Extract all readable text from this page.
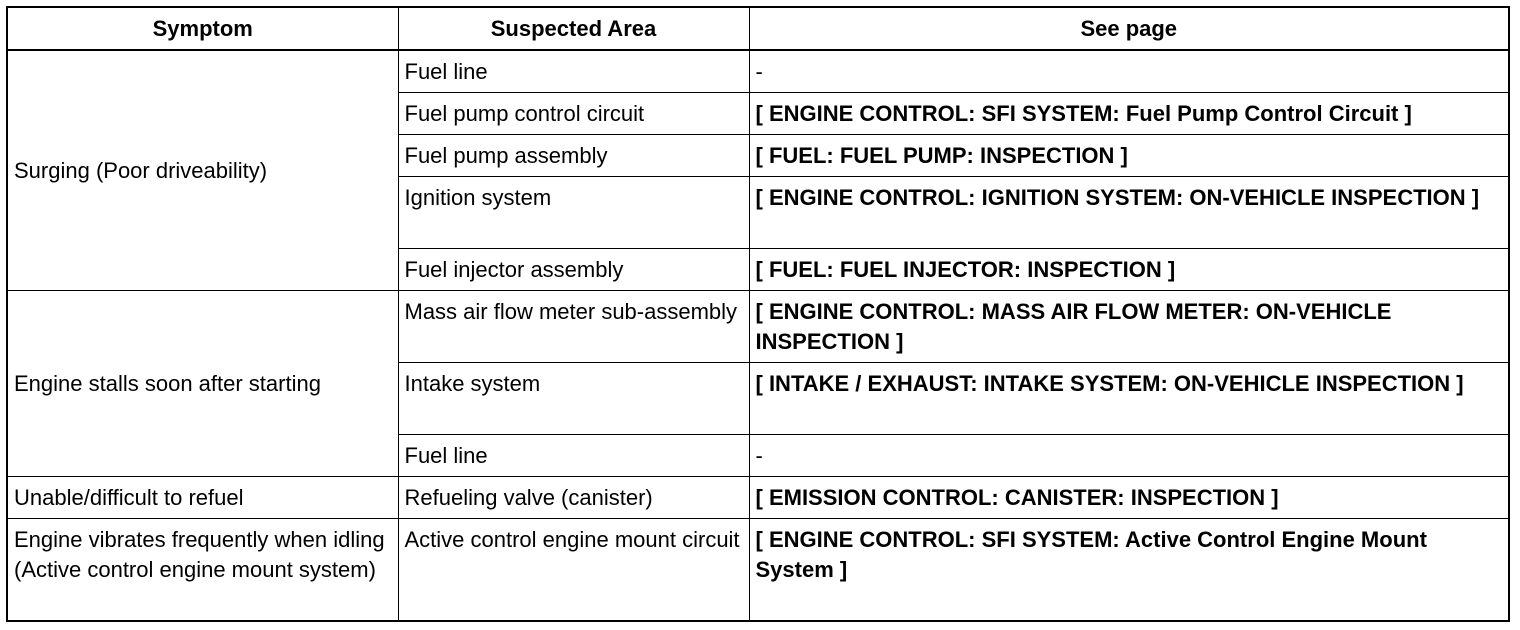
Symptom	Suspected Area	See page
Surging (Poor driveability)	Fuel line	-
	Fuel pump control circuit	[ ENGINE CONTROL: SFI SYSTEM: Fuel Pump Control Circuit ]
	Fuel pump assembly	[ FUEL: FUEL PUMP: INSPECTION ]
	Ignition system	[ ENGINE CONTROL: IGNITION SYSTEM: ON-VEHICLE INSPECTION ]
	Fuel injector assembly	[ FUEL: FUEL INJECTOR: INSPECTION ]
Engine stalls soon after starting	Mass air flow meter sub-assembly	[ ENGINE CONTROL: MASS AIR FLOW METER: ON-VEHICLE INSPECTION ]
	Intake system	[ INTAKE / EXHAUST: INTAKE SYSTEM: ON-VEHICLE INSPECTION ]
	Fuel line	-
Unable/difficult to refuel	Refueling valve (canister)	[ EMISSION CONTROL: CANISTER: INSPECTION ]
Engine vibrates frequently when idling (Active control engine mount system)	Active control engine mount circuit	[ ENGINE CONTROL: SFI SYSTEM: Active Control Engine Mount System ]
